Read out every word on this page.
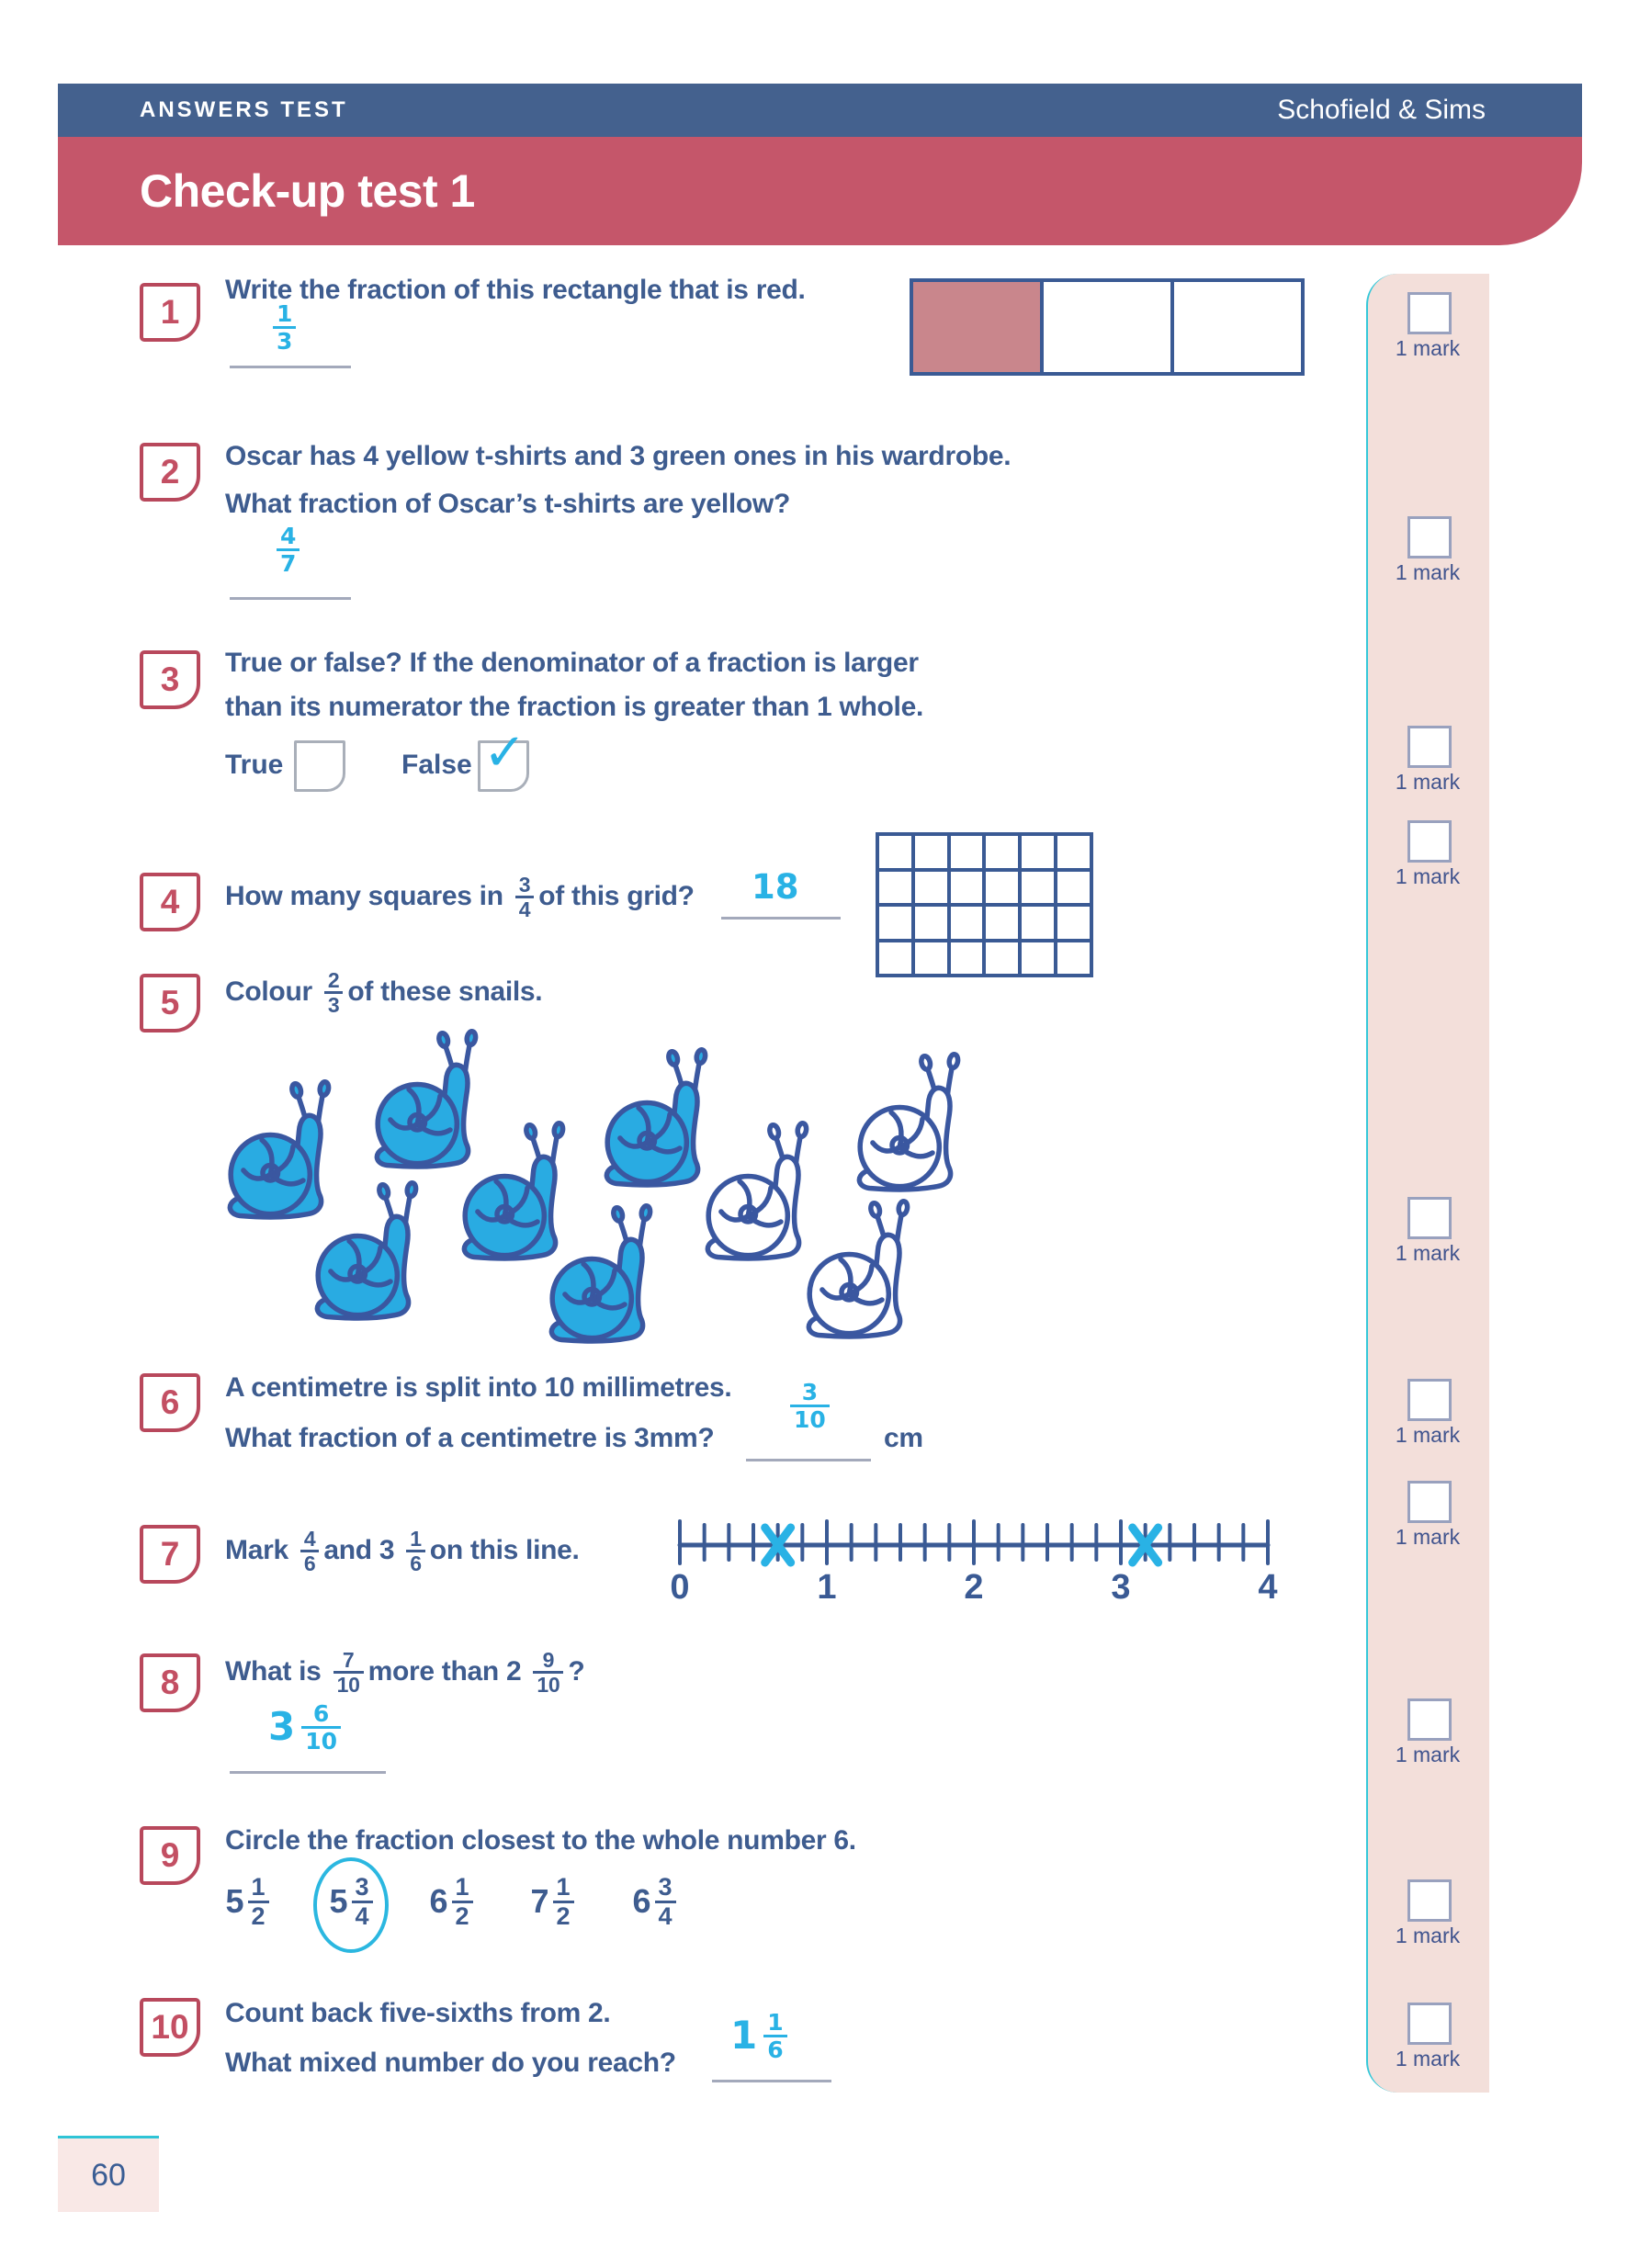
ANSWERS TEST	Schofield & Sims
Check-up test 1
1 mark
1 mark
1 mark
1 mark
1 mark
1 mark
1 mark
1 mark
1 mark
1 mark
1
Write the fraction of this rectangle that is red.

$\frac{1}{3}$
2	Oscar has 4 yellow t-shirts and 3 green ones in his wardrobe.

What fraction of Oscar’s t-shirts are yellow?

$\frac{4}{7}$
3	True or false? If the denominator of a fraction is larger

than its numerator the fraction is greater than 1 whole.

True	False ✓
4	How many squares in
$\frac{3}{4}$ of this grid?
18
5	Colour
$\frac{2}{3}$ of these snails.

6	A centimetre is split into 10 millimetres.

What fraction of a centimetre is 3mm?

$\frac{3}{10}$
cm
7	Mark
$\frac{4}{6}$ and 3
$\frac{1}{6}$ on this line.

0	1	2	3	4
8	What is
$\frac{7}{10}$ more than 2
$\frac{9}{10}$ ?

$3 \frac{6}{10}$
9	Circle the fraction closest to the whole number 6.

$5 \frac{1}{2} 5 \frac{3}{4} 6 \frac{1}{2} 7 \frac{1}{2} 6 \frac{3}{4}$
10	Count back five-sixths from 2.

What mixed number do you reach?

$1 \frac{1}{6}$
60
